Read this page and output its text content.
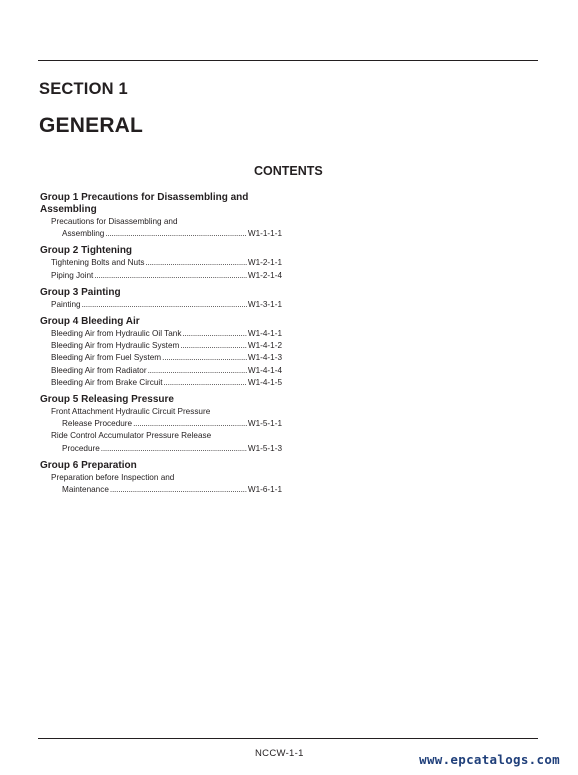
SECTION 1
GENERAL
CONTENTS
Group 1 Precautions for Disassembling and Assembling
Precautions for Disassembling and
Assembling .....	W1-1-1-1
Group 2 Tightening
Tightening Bolts and Nuts .....	W1-2-1-1
Piping Joint .....	W1-2-1-4
Group 3 Painting
Painting .....	W1-3-1-1
Group 4 Bleeding Air
Bleeding Air from Hydraulic Oil Tank .....	W1-4-1-1
Bleeding Air from Hydraulic System .....	W1-4-1-2
Bleeding Air from Fuel System .....	W1-4-1-3
Bleeding Air from Radiator .....	W1-4-1-4
Bleeding Air from Brake Circuit .....	W1-4-1-5
Group 5 Releasing Pressure
Front Attachment Hydraulic Circuit Pressure
Release Procedure .....	W1-5-1-1
Ride Control Accumulator Pressure Release
Procedure .....	W1-5-1-3
Group 6 Preparation
Preparation before Inspection and
Maintenance .....	W1-6-1-1
NCCW-1-1	www.epcatalogs.com
